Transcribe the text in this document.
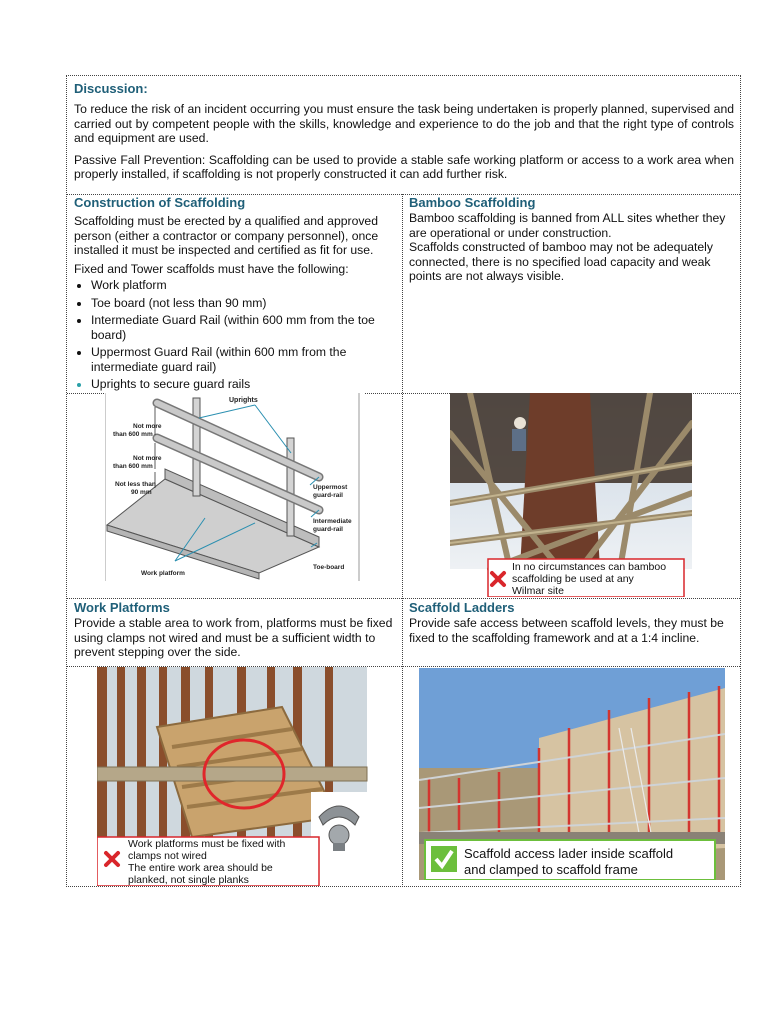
Discussion:

To reduce the risk of an incident occurring you must ensure the task being undertaken is properly planned, supervised and carried out by competent people with the skills, knowledge and experience to do the job and that the right type of controls and equipment are used.

Passive Fall Prevention: Scaffolding can be used to provide a stable safe working platform or access to a work area when properly installed, if scaffolding is not properly constructed it can add further risk.

Construction of Scaffolding

Scaffolding must be erected by a qualified and approved person (either a contractor or company personnel), once installed it must be inspected and certified as fit for use.

Fixed and Tower scaffolds must have the following:

• Work platform
• Toe board (not less than 90 mm)
• Intermediate Guard Rail (within 600 mm from the toe board)
• Uppermost Guard Rail (within 600 mm from the intermediate guard rail)
• Uprights to secure guard rails
Bamboo Scaffolding

Bamboo scaffolding is banned from ALL sites whether they are operational or under construction.

Scaffolds constructed of bamboo may not be adequately connected, there is no specified load capacity and weak points are not always visible.

Uprights
Not more
than 600 mm
Not more
than 600 mm
Not less than
90 mm
Uppermost
guard-rail
Intermediate
guard-rail
Toe-board
Work platform
In no circumstances can bamboo
scaffolding be used at any
Wilmar site
Work Platforms

Provide a stable area to work from, platforms must be fixed using clamps not wired and must be a sufficient width to prevent stepping over the side.

Scaffold Ladders

Provide safe access between scaffold levels, they must be fixed to the scaffolding framework and at a 1:4 incline.

Work platforms must be fixed with
clamps not wired
The entire work area should be
planked, not single planks
Scaffold access lader inside scaffold
and clamped to scaffold frame
